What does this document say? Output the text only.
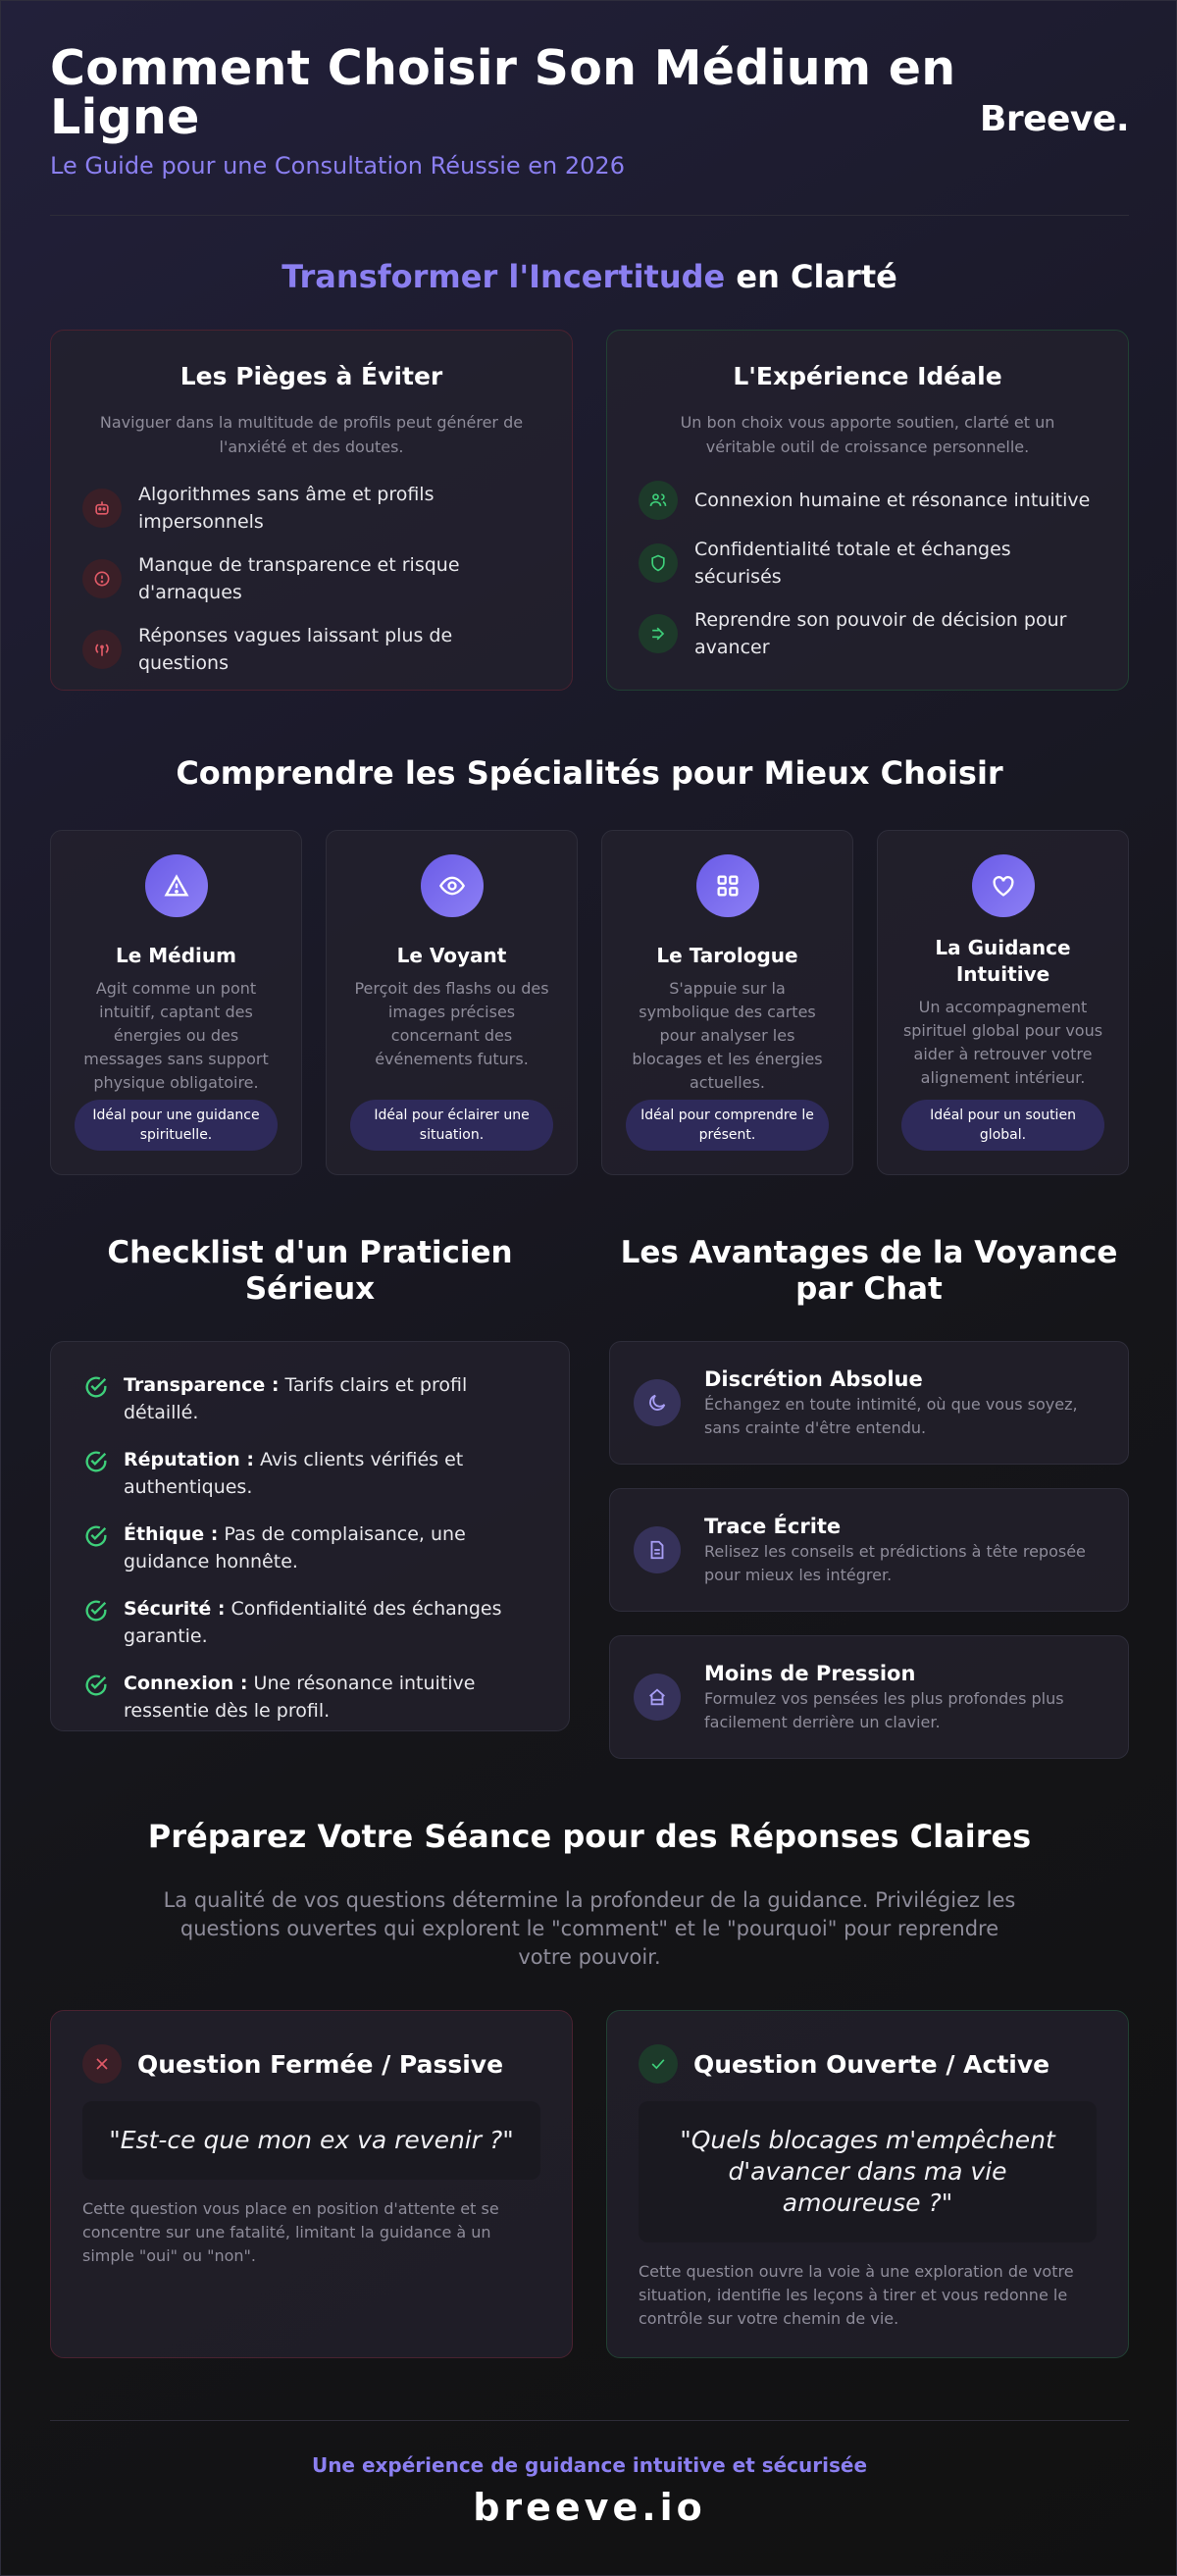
Comment Choisir Son Médium en Ligne
Le Guide pour une Consultation Réussie en 2026
Breeve.
Transformer l'Incertitude en Clarté
Les Pièges à Éviter
Naviguer dans la multitude de profils peut générer de l'anxiété et des doutes.
Algorithmes sans âme et profils impersonnels
Manque de transparence et risque d'arnaques
Réponses vagues laissant plus de questions
L'Expérience Idéale
Un bon choix vous apporte soutien, clarté et un véritable outil de croissance personnelle.
Connexion humaine et résonance intuitive
Confidentialité totale et échanges sécurisés
Reprendre son pouvoir de décision pour avancer
Comprendre les Spécialités pour Mieux Choisir
Le Médium

Agit comme un pont intuitif, captant des énergies ou des messages sans support physique obligatoire.

Idéal pour une guidance spirituelle.
Le Voyant

Perçoit des flashs ou des images précises concernant des événements futurs.

Idéal pour éclairer une situation.
Le Tarologue

S'appuie sur la symbolique des cartes pour analyser les blocages et les énergies actuelles.

Idéal pour comprendre le présent.
La Guidance Intuitive

Un accompagnement spirituel global pour vous aider à retrouver votre alignement intérieur.

Idéal pour un soutien global.
Checklist d'un Praticien Sérieux
Transparence : Tarifs clairs et profil détaillé.
Réputation : Avis clients vérifiés et authentiques.
Éthique : Pas de complaisance, une guidance honnête.
Sécurité : Confidentialité des échanges garantie.
Connexion : Une résonance intuitive ressentie dès le profil.
Les Avantages de la Voyance par Chat
Discrétion Absolue
Échangez en toute intimité, où que vous soyez, sans crainte d'être entendu.
Trace Écrite
Relisez les conseils et prédictions à tête reposée pour mieux les intégrer.
Moins de Pression
Formulez vos pensées les plus profondes plus facilement derrière un clavier.
Préparez Votre Séance pour des Réponses Claires
La qualité de vos questions détermine la profondeur de la guidance. Privilégiez les questions ouvertes qui explorent le "comment" et le "pourquoi" pour reprendre votre pouvoir.
Question Fermée / Passive
"Est-ce que mon ex va revenir ?"
Cette question vous place en position d'attente et se concentre sur une fatalité, limitant la guidance à un simple "oui" ou "non".
Question Ouverte / Active
"Quels blocages m'empêchent d'avancer dans ma vie amoureuse ?"
Cette question ouvre la voie à une exploration de votre situation, identifie les leçons à tirer et vous redonne le contrôle sur votre chemin de vie.
Une expérience de guidance intuitive et sécurisée
breeve.io
